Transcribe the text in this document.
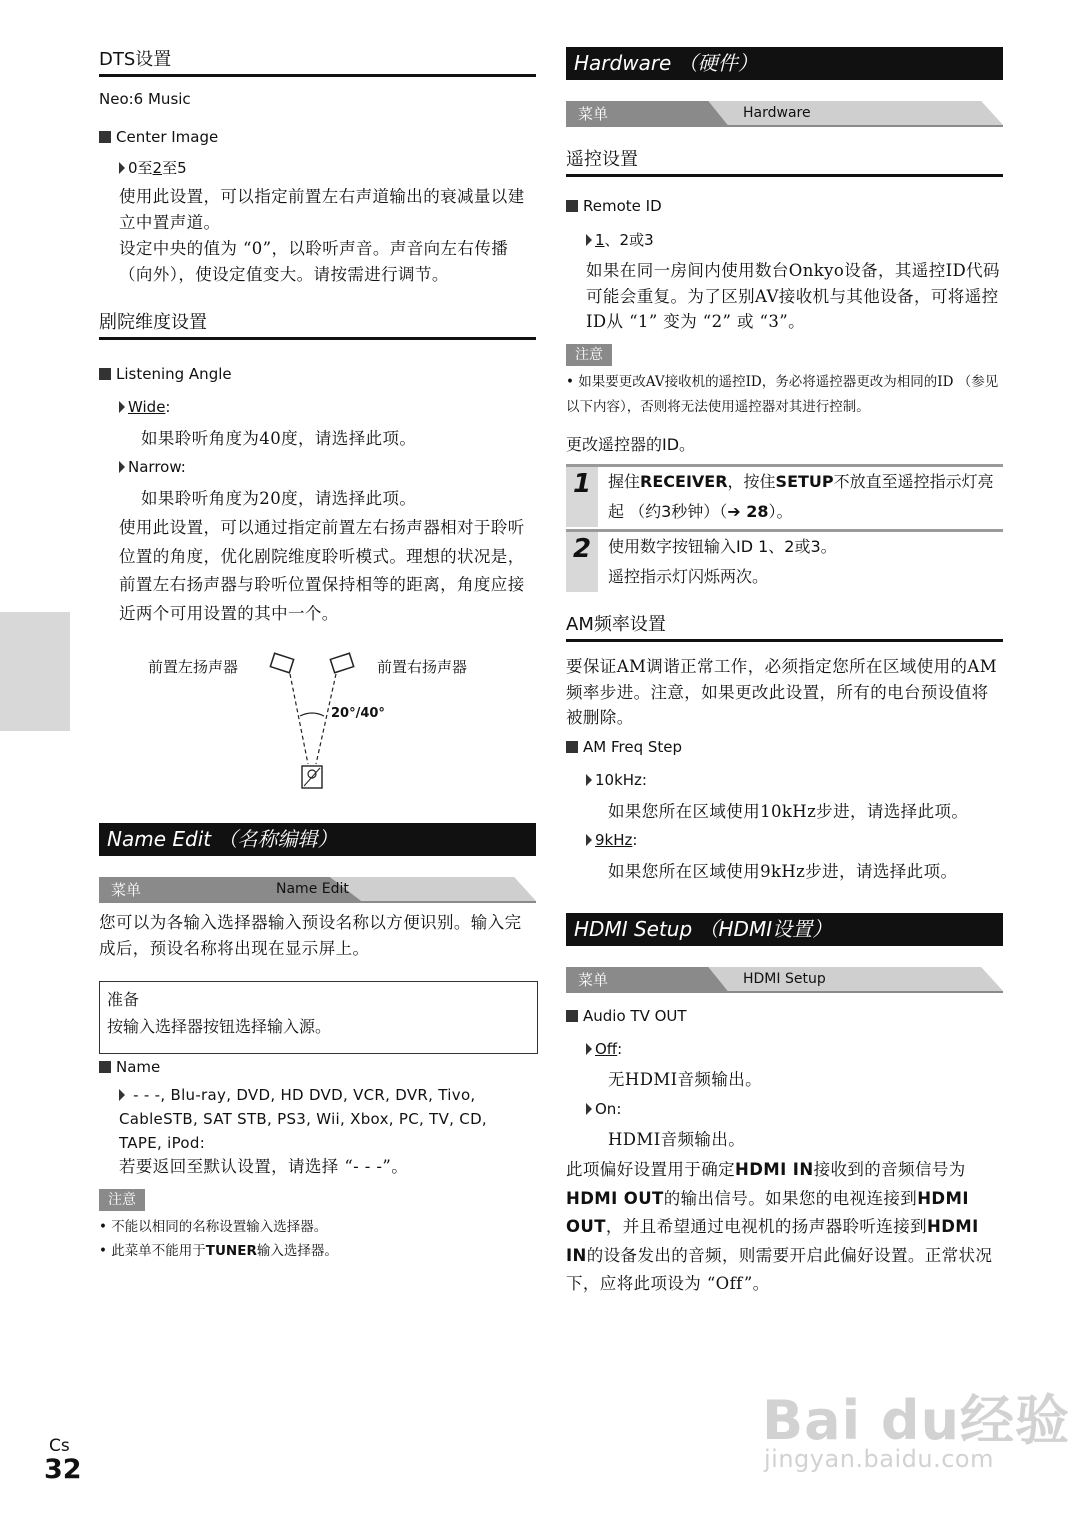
DTS设置
Neo:6 Music
Center Image
0至2至5
使用此设置，可以指定前置左右声道输出的衰减量以建立中置声道。
设定中央的值为 “0”，以聆听声音。声音向左右传播 （向外），使设定值变大。请按需进行调节。
剧院维度设置
Listening Angle
Wide:
如果聆听角度为40度，请选择此项。
Narrow:
如果聆听角度为20度，请选择此项。
使用此设置，可以通过指定前置左右扬声器相对于聆听位置的角度，优化剧院维度聆听模式。理想的状况是，前置左右扬声器与聆听位置保持相等的距离，角度应接近两个可用设置的其中一个。
前置左扬声器	前置右扬声器
20°/40°
Name Edit （名称编辑）
菜单	Name Edit
您可以为各输入选择器输入预设名称以方便识别。输入完成后，预设名称将出现在显示屏上。
准备
按输入选择器按钮选择输入源。
Name
- - -, Blu-ray, DVD, HD DVD, VCR, DVR, Tivo, CableSTB, SAT STB, PS3, Wii, Xbox, PC, TV, CD, TAPE, iPod:
若要返回至默认设置，请选择 “- - -”。
注意
• 不能以相同的名称设置输入选择器。
• 此菜单不能用于TUNER输入选择器。
Hardware （硬件）
菜单	Hardware
遥控设置
Remote ID
1、2或3
如果在同一房间内使用数台Onkyo设备，其遥控ID代码可能会重复。为了区别AV接收机与其他设备，可将遥控ID从 “1” 变为 “2” 或 “3”。
注意
• 如果要更改AV接收机的遥控ID，务必将遥控器更改为相同的ID （参见以下内容），否则将无法使用遥控器对其进行控制。
更改遥控器的ID。
1	握住RECEIVER，按住SETUP不放直至遥控指示灯亮起 （约3秒钟）（➔ 28）。
2	使用数字按钮输入ID 1、2或3。
遥控指示灯闪烁两次。
AM频率设置
要保证AM调谐正常工作，必须指定您所在区域使用的AM频率步进。注意，如果更改此设置，所有的电台预设值将被删除。
AM Freq Step
10kHz:
如果您所在区域使用10kHz步进，请选择此项。
9kHz:
如果您所在区域使用9kHz步进，请选择此项。
HDMI Setup （HDMI设置）
菜单	HDMI Setup
Audio TV OUT
Off:
无HDMI音频输出。
On:
HDMI音频输出。
此项偏好设置用于确定HDMI IN接收到的音频信号为HDMI OUT的输出信号。如果您的电视连接到HDMI OUT，并且希望通过电视机的扬声器聆听连接到HDMI IN的设备发出的音频，则需要开启此偏好设置。正常状况下，应将此项设为 “Off”。
Cs
32
Bai du经验
jingyan.baidu.com
